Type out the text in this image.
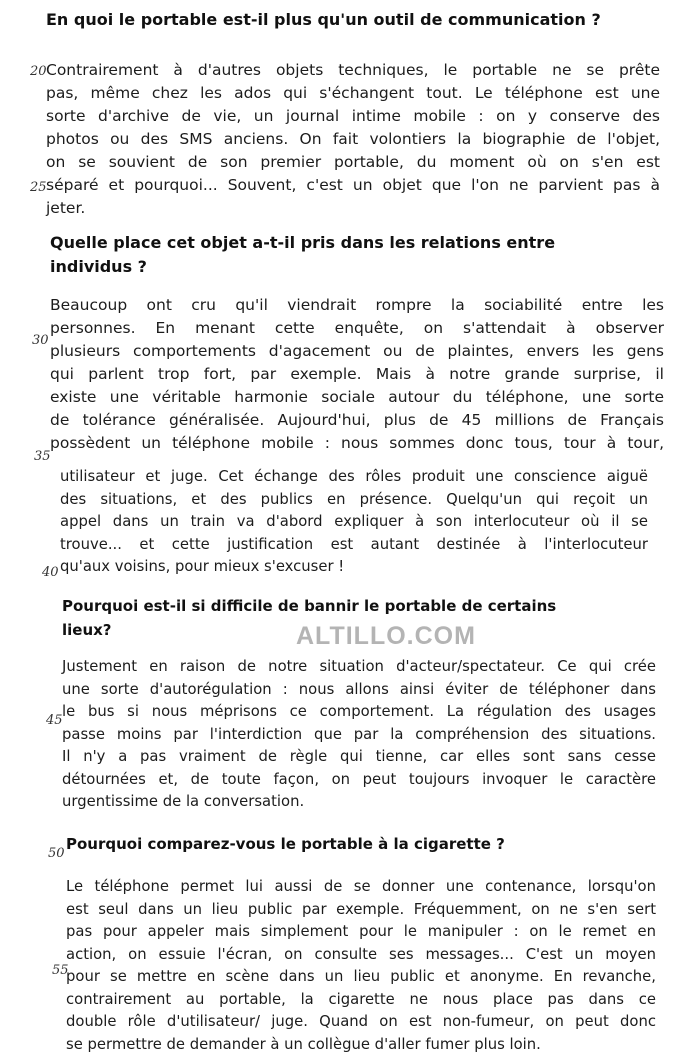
En quoi le portable est-il plus qu'un outil de communication ?
Contrairement à d'autres objets techniques, le portable ne se prête
pas, même chez les ados qui s'échangent tout. Le téléphone est une
sorte d'archive de vie, un journal intime mobile : on y conserve des
photos ou des SMS anciens. On fait volontiers la biographie de l'objet,
on se souvient de son premier portable, du moment où on s'en est
séparé et pourquoi... Souvent, c'est un objet que l'on ne parvient pas à
jeter.
Quelle place cet objet a-t-il pris dans les relations entre
individus ?
Beaucoup ont cru qu'il viendrait rompre la sociabilité entre les
personnes. En menant cette enquête, on s'attendait à observer
plusieurs comportements d'agacement ou de plaintes, envers les gens
qui parlent trop fort, par exemple. Mais à notre grande surprise, il
existe une véritable harmonie sociale autour du téléphone, une sorte
de tolérance généralisée. Aujourd'hui, plus de 45 millions de Français
possèdent un téléphone mobile : nous sommes donc tous, tour à tour,
utilisateur et juge. Cet échange des rôles produit une conscience aiguë
des situations, et des publics en présence. Quelqu'un qui reçoit un
appel dans un train va d'abord expliquer à son interlocuteur où il se
trouve... et cette justification est autant destinée à l'interlocuteur
qu'aux voisins, pour mieux s'excuser !
Pourquoi est-il si difficile de bannir le portable de certains
lieux?
Justement en raison de notre situation d'acteur/spectateur. Ce qui crée
une sorte d'autorégulation : nous allons ainsi éviter de téléphoner dans
le bus si nous méprisons ce comportement. La régulation des usages
passe moins par l'interdiction que par la compréhension des situations.
Il n'y a pas vraiment de règle qui tienne, car elles sont sans cesse
détournées et, de toute façon, on peut toujours invoquer le caractère
urgentissime de la conversation.
Pourquoi comparez-vous le portable à la cigarette ?
Le téléphone permet lui aussi de se donner une contenance, lorsqu'on
est seul dans un lieu public par exemple. Fréquemment, on ne s'en sert
pas pour appeler mais simplement pour le manipuler : on le remet en
action, on essuie l'écran, on consulte ses messages... C'est un moyen
pour se mettre en scène dans un lieu public et anonyme. En revanche,
contrairement au portable, la cigarette ne nous place pas dans ce
double rôle d'utilisateur/ juge. Quand on est non-fumeur, on peut donc
se permettre de demander à un collègue d'aller fumer plus loin.
20
25
30
35
40
45
50
55
ALTILLO.COM
